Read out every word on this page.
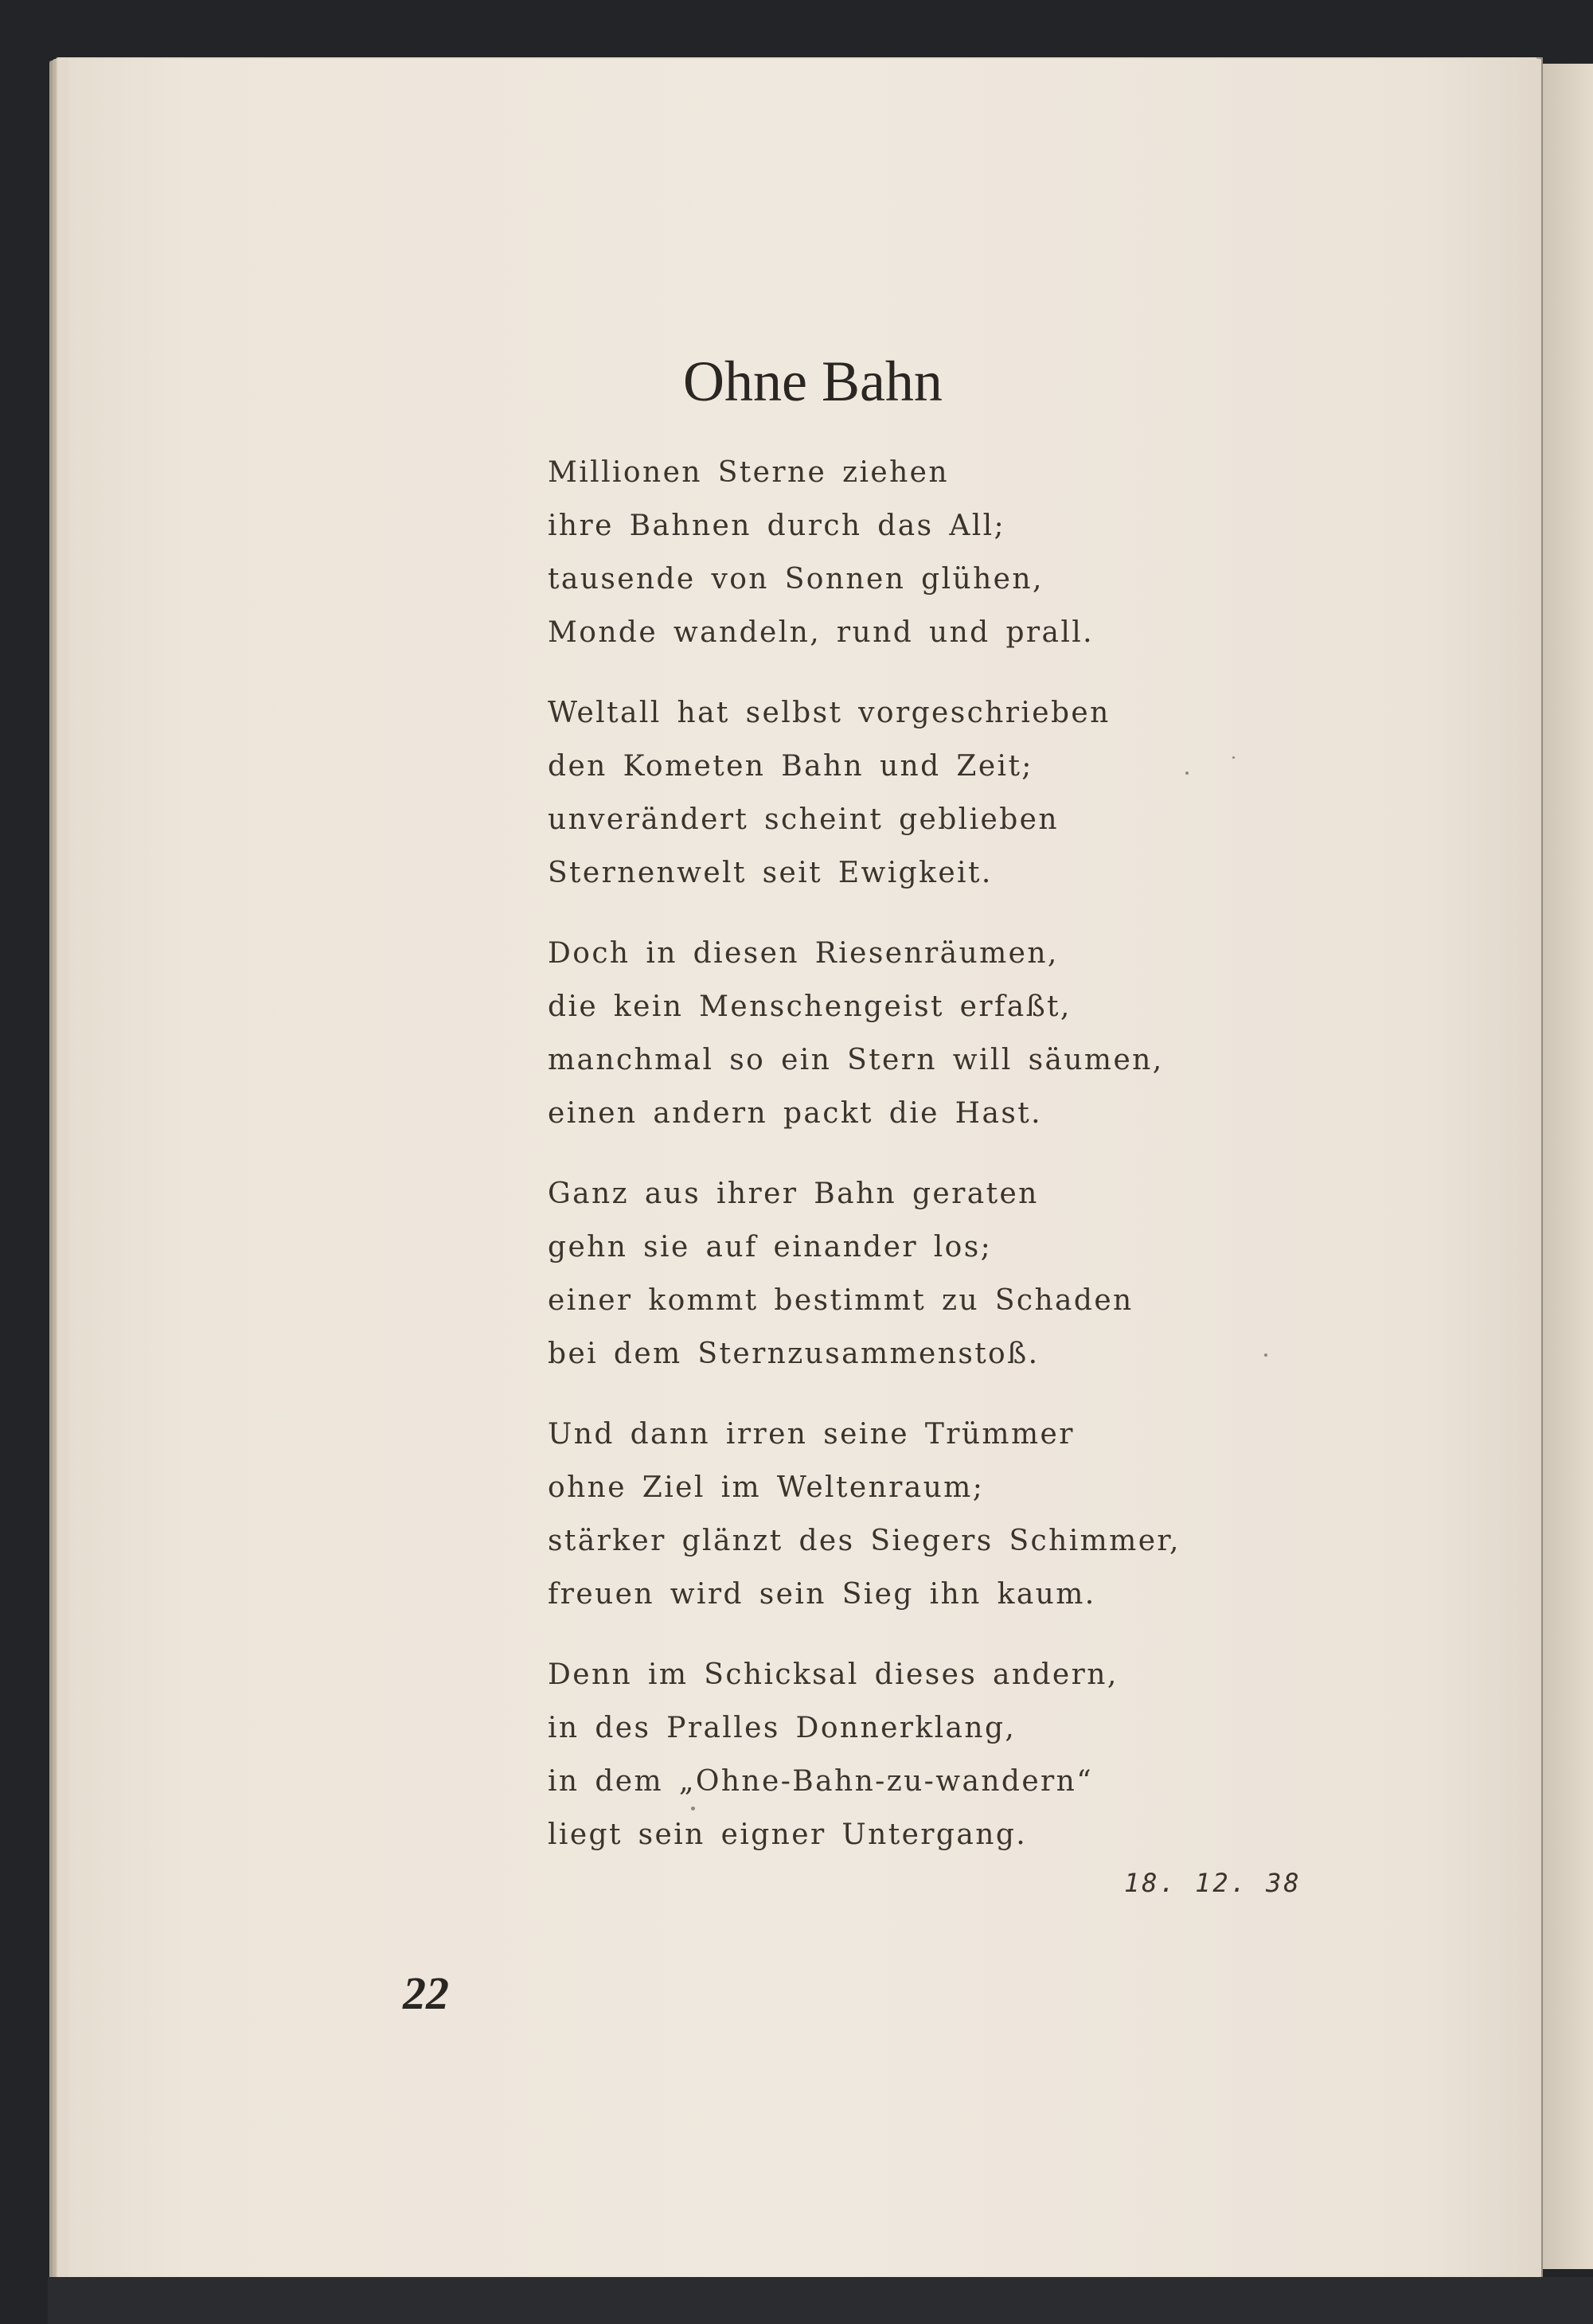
Ohne Bahn
Millionen Sterne ziehen
ihre Bahnen durch das All;
tausende von Sonnen glühen,
Monde wandeln, rund und prall.
Weltall hat selbst vorgeschrieben
den Kometen Bahn und Zeit;
unverändert scheint geblieben
Sternenwelt seit Ewigkeit.
Doch in diesen Riesenräumen,
die kein Menschengeist erfaßt,
manchmal so ein Stern will säumen,
einen andern packt die Hast.
Ganz aus ihrer Bahn geraten
gehn sie auf einander los;
einer kommt bestimmt zu Schaden
bei dem Sternzusammenstoß.
Und dann irren seine Trümmer
ohne Ziel im Weltenraum;
stärker glänzt des Siegers Schimmer,
freuen wird sein Sieg ihn kaum.
Denn im Schicksal dieses andern,
in des Pralles Donnerklang,
in dem „Ohne-Bahn-zu-wandern“
liegt sein eigner Untergang.
18. 12. 38
22
